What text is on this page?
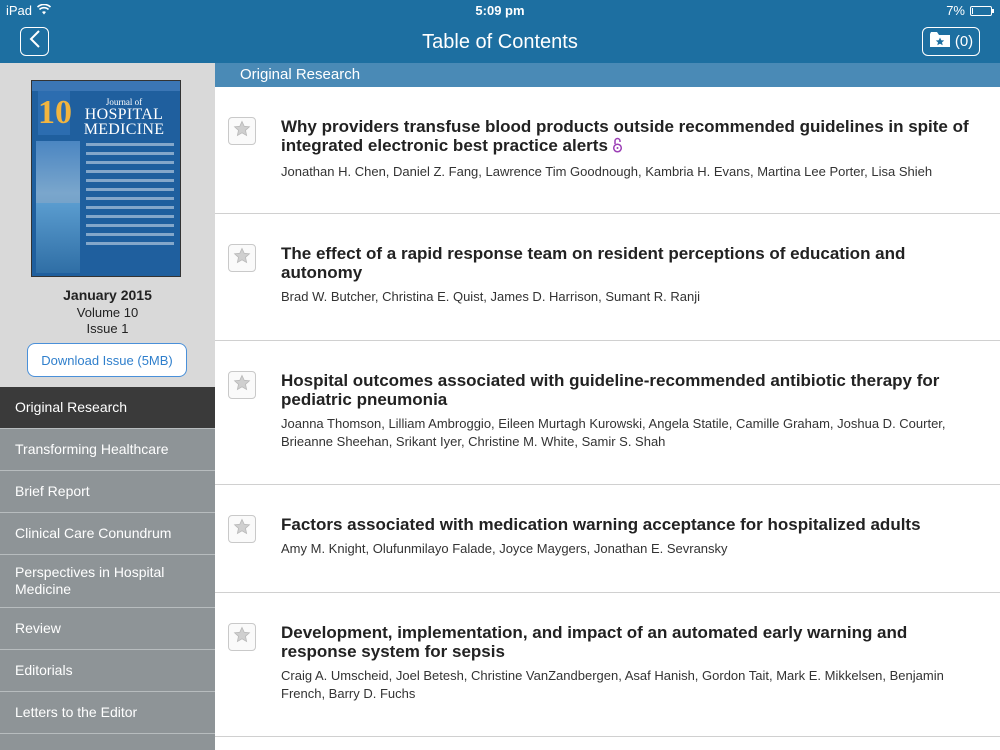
iPad	5:09 pm	7%
Table of Contents	(0)
10	Journal of
HOSPITAL
MEDICINE
January 2015
Volume 10
Issue 1
Download Issue (5MB)
Original Research
Transforming Healthcare
Brief Report
Clinical Care Conundrum
Perspectives in Hospital Medicine
Review
Editorials
Letters to the Editor
Original Research
Why providers transfuse blood products outside recommended guidelines in spite of integrated electronic best practice alerts
Jonathan H. Chen, Daniel Z. Fang, Lawrence Tim Goodnough, Kambria H. Evans, Martina Lee Porter, Lisa Shieh
The effect of a rapid response team on resident perceptions of education and autonomy
Brad W. Butcher, Christina E. Quist, James D. Harrison, Sumant R. Ranji
Hospital outcomes associated with guideline-recommended antibiotic therapy for pediatric pneumonia
Joanna Thomson, Lilliam Ambroggio, Eileen Murtagh Kurowski, Angela Statile, Camille Graham, Joshua D. Courter, Brieanne Sheehan, Srikant Iyer, Christine M. White, Samir S. Shah
Factors associated with medication warning acceptance for hospitalized adults
Amy M. Knight, Olufunmilayo Falade, Joyce Maygers, Jonathan E. Sevransky
Development, implementation, and impact of an automated early warning and response system for sepsis
Craig A. Umscheid, Joel Betesh, Christine VanZandbergen, Asaf Hanish, Gordon Tait, Mark E. Mikkelsen, Benjamin French, Barry D. Fuchs
